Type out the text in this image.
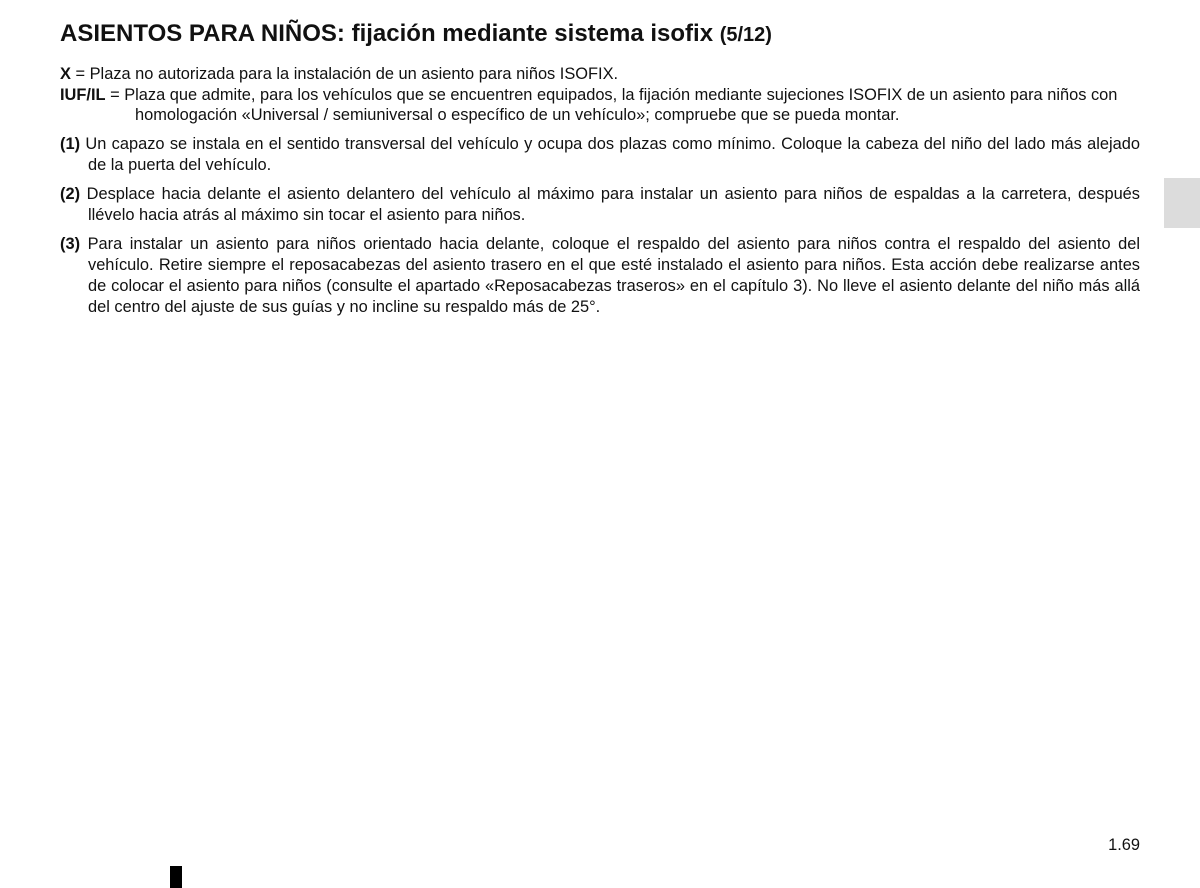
ASIENTOS PARA NIÑOS: fijación mediante sistema isofix (5/12)
X = Plaza no autorizada para la instalación de un asiento para niños ISOFIX.
IUF/IL = Plaza que admite, para los vehículos que se encuentren equipados, la fijación mediante sujeciones ISOFIX de un asiento para niños con homologación «Universal / semiuniversal o específico de un vehículo»; compruebe que se pueda montar.

(1) Un capazo se instala en el sentido transversal del vehículo y ocupa dos plazas como mínimo. Coloque la cabeza del niño del lado más alejado de la puerta del vehículo.

(2) Desplace hacia delante el asiento delantero del vehículo al máximo para instalar un asiento para niños de espaldas a la carretera, después llévelo hacia atrás al máximo sin tocar el asiento para niños.

(3) Para instalar un asiento para niños orientado hacia delante, coloque el respaldo del asiento para niños contra el respaldo del asiento del vehículo. Retire siempre el reposacabezas del asiento trasero en el que esté instalado el asiento para niños. Esta acción debe realizarse antes de colocar el asiento para niños (consulte el apartado «Reposacabezas traseros» en el capítulo 3). No lleve el asiento delante del niño más allá del centro del ajuste de sus guías y no incline su respaldo más de 25°.

1.69
